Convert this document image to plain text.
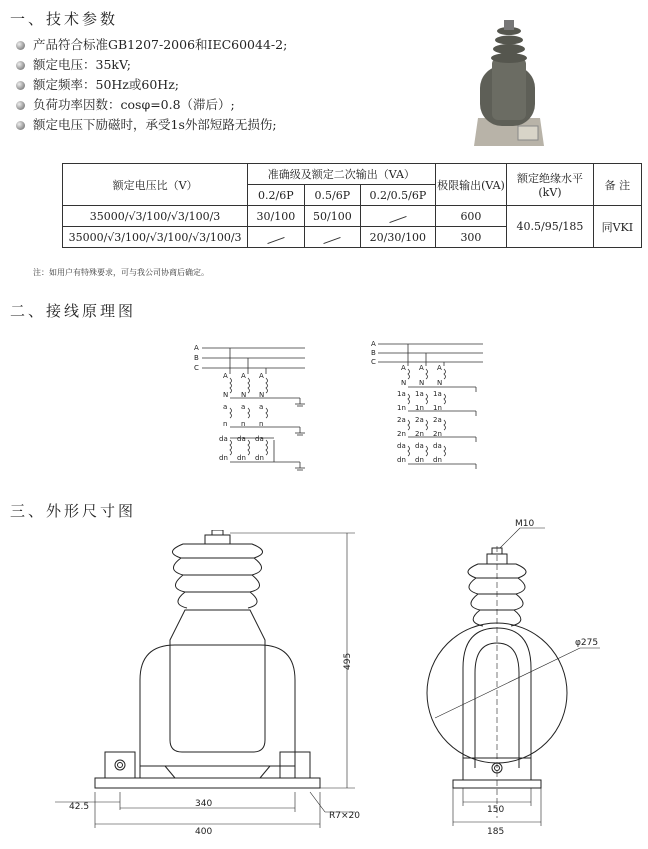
一、技术参数
产品符合标准GB1207-2006和IEC60044-2;
额定电压：35kV;
额定频率：50Hz或60Hz;
负荷功率因数：cosφ=0.8（滞后）;
额定电压下励磁时，承受1s外部短路无损伤;
额定电压比（V）	准确级及额定二次输出（VA）			极限输出(VA)	额定绝缘水平(kV)	备 注
	0.2/6P	0.5/6P	0.2/0.5/6P			
35000/√3/100/√3/100/3	30/100	50/100		600	40.5/95/185	同VKI
35000/√3/100/√3/100/√3/100/3			20/30/100	300		
注：如用户有特殊要求，可与我公司协商后确定。
二、接线原理图
A
B
C
A A A
N N N
a a a
n n n
da da da
dn dn dn
A
B
C
A A A
N N N
1a 1a 1a
1n 1n 1n
2a 2a 2a
2n 2n 2n
da da da
dn dn dn
三、外形尺寸图
495
42.5	340
400
R7×20
M10
φ275
150
185
